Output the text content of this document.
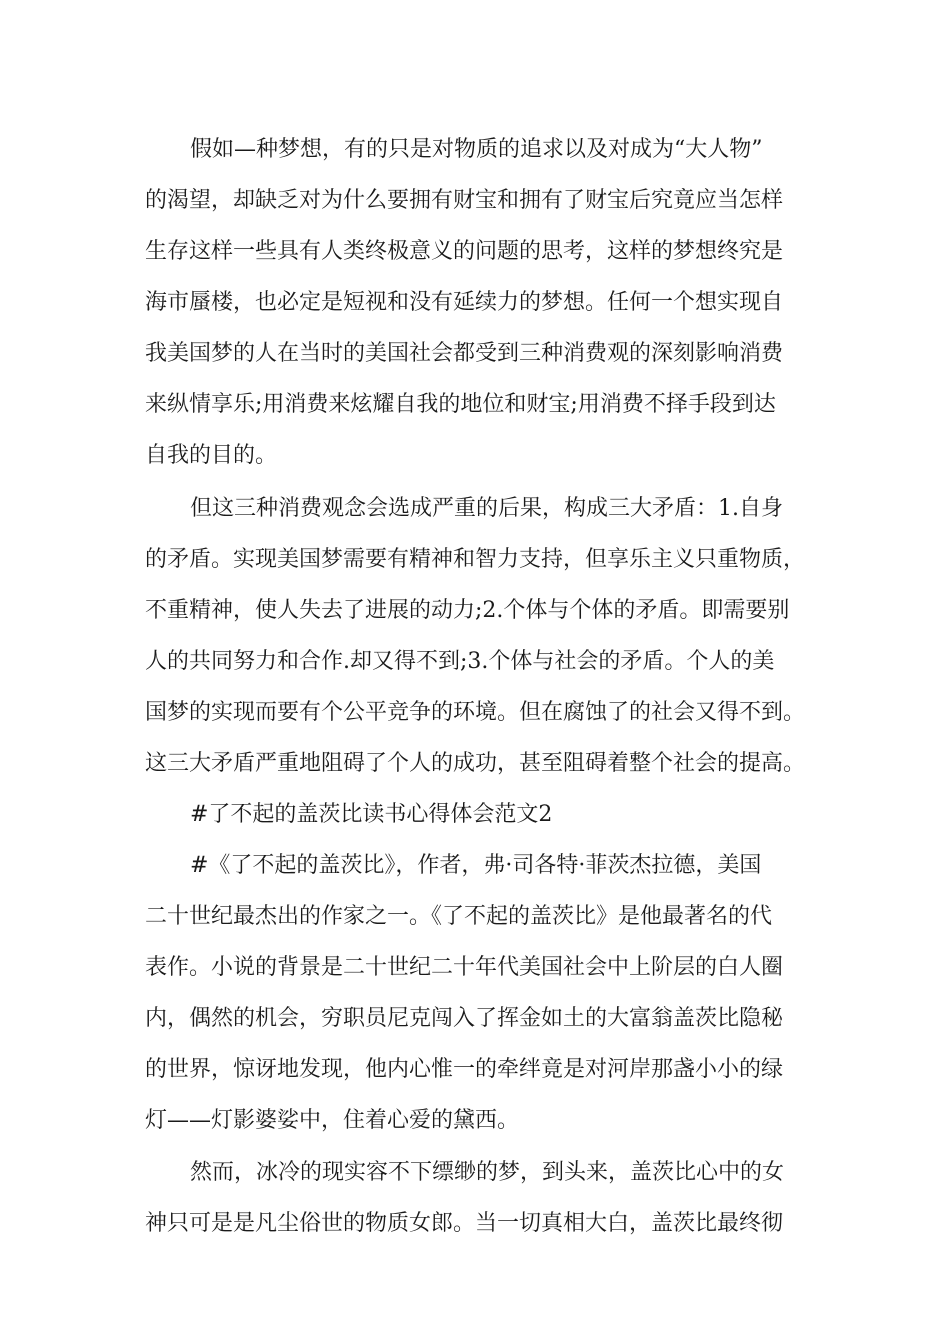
假如—种梦想，有的只是对物质的追求以及对成为“大人物”
的渴望，却缺乏对为什么要拥有财宝和拥有了财宝后究竟应当怎样
生存这样一些具有人类终极意义的问题的思考，这样的梦想终究是
海市蜃楼，也必定是短视和没有延续力的梦想。任何一个想实现自
我美国梦的人在当时的美国社会都受到三种消费观的深刻影响消费
来纵情享乐;用消费来炫耀自我的地位和财宝;用消费不择手段到达
自我的目的。
但这三种消费观念会选成严重的后果，构成三大矛盾：1.自身
的矛盾。实现美国梦需要有精神和智力支持，但享乐主义只重物质，
不重精神，使人失去了进展的动力;2.个体与个体的矛盾。即需要别
人的共同努力和合作.却又得不到;3.个体与社会的矛盾。个人的美
国梦的实现而要有个公平竞争的环境。但在腐蚀了的社会又得不到。
这三大矛盾严重地阻碍了个人的成功，甚至阻碍着整个社会的提高。
#了不起的盖茨比读书心得体会范文2
#《了不起的盖茨比》，作者，弗·司各特·菲茨杰拉德，美国
二十世纪最杰出的作家之一。《了不起的盖茨比》是他最著名的代
表作。小说的背景是二十世纪二十年代美国社会中上阶层的白人圈
内，偶然的机会，穷职员尼克闯入了挥金如土的大富翁盖茨比隐秘
的世界，惊讶地发现，他内心惟一的牵绊竟是对河岸那盏小小的绿
灯——灯影婆娑中，住着心爱的黛西。
然而，冰冷的现实容不下缥缈的梦，到头来，盖茨比心中的女
神只可是是凡尘俗世的物质女郎。当一切真相大白，盖茨比最终彻
